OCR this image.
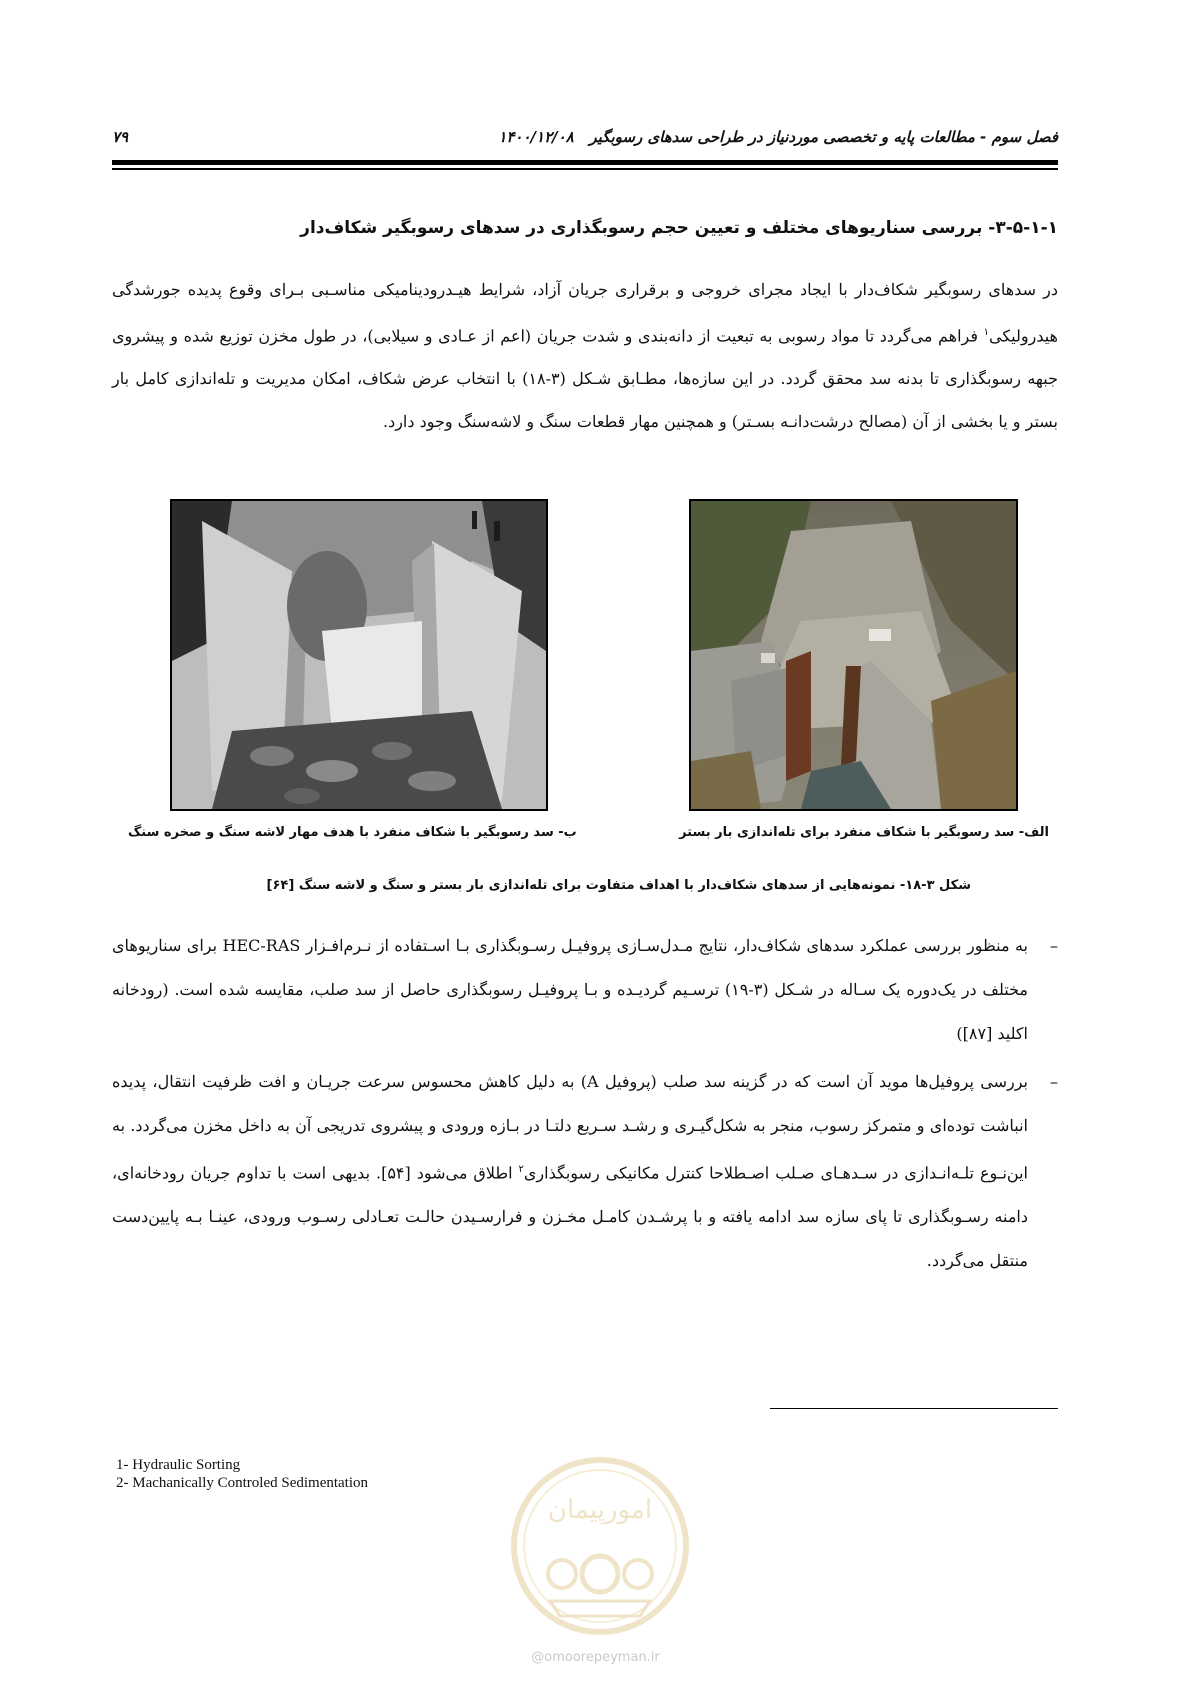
فصل سوم - مطالعات پایه و تخصصی موردنیاز در طراحی سدهای رسوبگیر   ۱۴۰۰/۱۲/۰۸
۷۹
۳-۵-۱-۱- بررسی سناریوهای مختلف و تعیین حجم رسوبگذاری در سدهای رسوبگیر شکاف‌دار
در سدهای رسوبگیر شکاف‌دار با ایجاد مجرای خروجی و برقراری جریان آزاد، شرایط هیـدرودینامیکی مناسـبی بـرای وقوع پدیده جورشدگی هیدرولیکی$^۱$ فراهم می‌گردد تا مواد رسوبی به تبعیت از دانه‌بندی و شدت جریان (اعم از عـادی و سیلابی)، در طول مخزن توزیع شده و پیشروی جبهه رسوبگذاری تا بدنه سد محقق گردد. در این سازه‌ها، مطـابق شـکل (۳-۱۸) با انتخاب عرض شکاف، امکان مدیریت و تله‌اندازی کامل بار بستر و یا بخشی از آن (مصالح درشت‌دانـه بسـتر) و همچنین مهار قطعات سنگ و لاشه‌سنگ وجود دارد.
الف- سد رسوبگیر با شکاف منفرد برای تله‌اندازی بار بستر
ب- سد رسوبگیر با شکاف منفرد با هدف مهار لاشه سنگ و صخره سنگ
شکل ۳-۱۸- نمونه‌هایی از سدهای شکاف‌دار با اهداف متفاوت برای تله‌اندازی بار بستر و سنگ و لاشه سنگ [۶۴]
–
به منظور بررسی عملکرد سدهای شکاف‌دار، نتایج مـدل‌سـازی پروفیـل رسـوبگذاری بـا اسـتفاده از نـرم‌افـزار HEC-RAS برای سناریوهای مختلف در یک‌دوره یک سـاله در شـکل (۳-۱۹) ترسـیم گردیـده و بـا پروفیـل رسوبگذاری حاصل از سد صلب، مقایسه شده است. (رودخانه اکلید [۸۷])
–
بررسی پروفیل‌ها موید آن است که در گزینه سد صلب (پروفیل A) به دلیل کاهش محسوس سرعت جریـان و افت ظرفیت انتقال، پدیده انباشت توده‌ای و متمرکز رسوب، منجر به شکل‌گیـری و رشـد سـریع دلتـا در بـازه ورودی و پیشروی تدریجی آن به داخل مخزن می‌گردد. به این‌نـوع تلـه‌انـدازی در سـدهـای صـلب اصـطلاحا کنترل مکانیکی رسوبگذاری$^۲$ اطلاق می‌شود [۵۴]. بدیهی است با تداوم جریان رودخانه‌ای، دامنه رسـوبگذاری تا پای سازه سد ادامه یافته و با پرشـدن کامـل مخـزن و فرارسـیدن حالـت تعـادلی رسـوب ورودی، عینـا بـه پایین‌دست منتقل می‌گردد.
1- Hydraulic Sorting
2- Machanically Controled Sedimentation
امورپیمان
@omoorepeyman.ir
